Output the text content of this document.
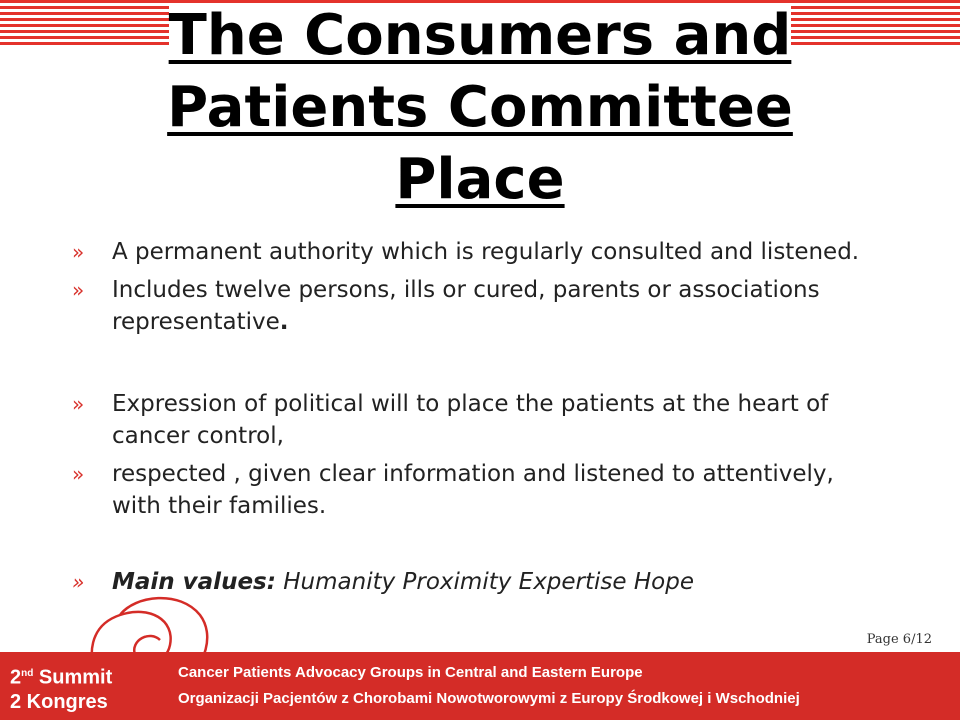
The Consumers and
Patients Committee
Place
» A permanent authority which is regularly consulted and listened.
» Includes twelve persons, ills or cured, parents or associations representative.
» Expression of political will to place the patients at the heart of cancer control,
» respected , given clear information and listened to attentively, with their families.
» Main values: Humanity Proximity Expertise Hope
Page 6/12
2nd Summit
2 Kongres
Cancer Patients Advocacy Groups in Central and Eastern Europe
Organizacji Pacjentów z Chorobami Nowotworowymi z Europy Środkowej i Wschodniej
